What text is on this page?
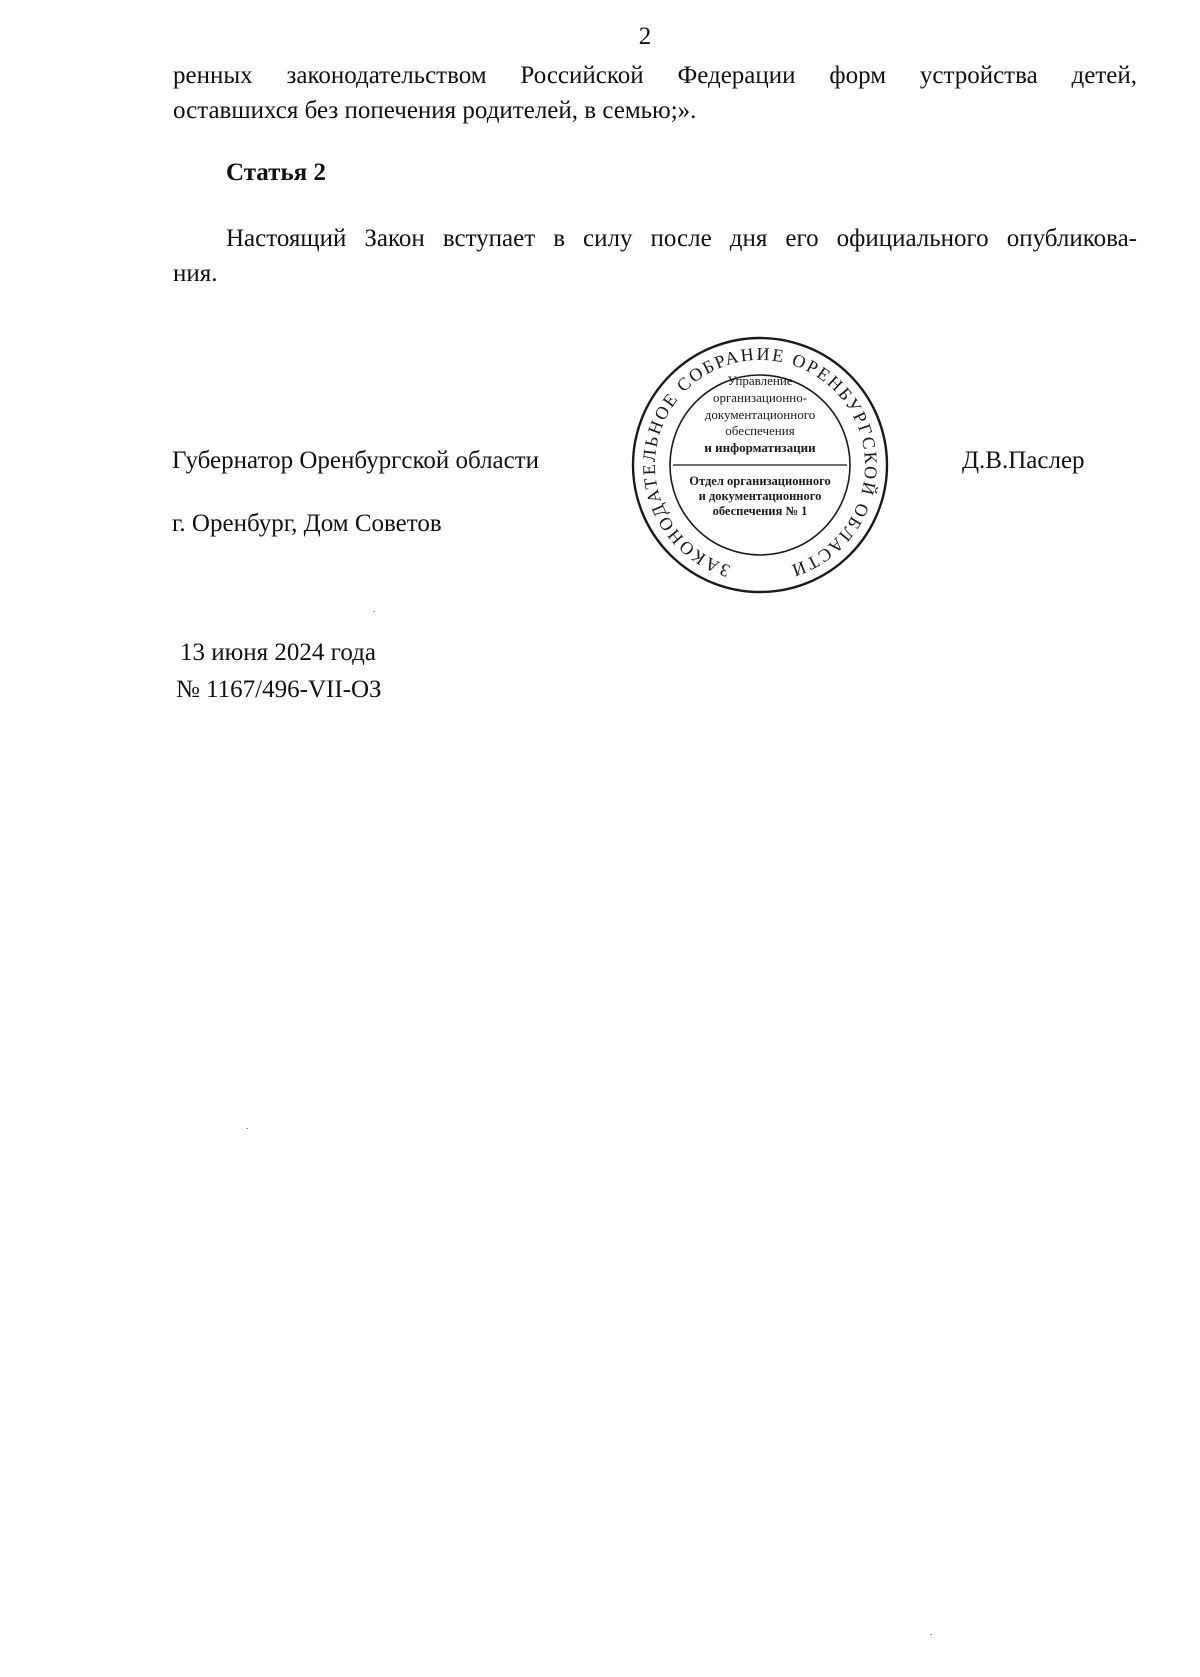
2
ренных законодательством Российской Федерации форм устройства детей,
оставшихся без попечения родителей, в семью;».
Статья 2
Настоящий Закон вступает в силу после дня его официального опубликова-
ния.
Губернатор Оренбургской области	Д.В.Паслер
г. Оренбург, Дом Советов
13 июня 2024 года
№ 1167/496-VII-ОЗ
ЗАКОНОДАТЕЛЬНОЕ СОБРАНИЕ ОРЕНБУРГСКОЙ ОБЛАСТИ
Управление
организационно-
документационного
обеспечения
и информатизации
Отдел организационного
и документационного
обеспечения № 1
